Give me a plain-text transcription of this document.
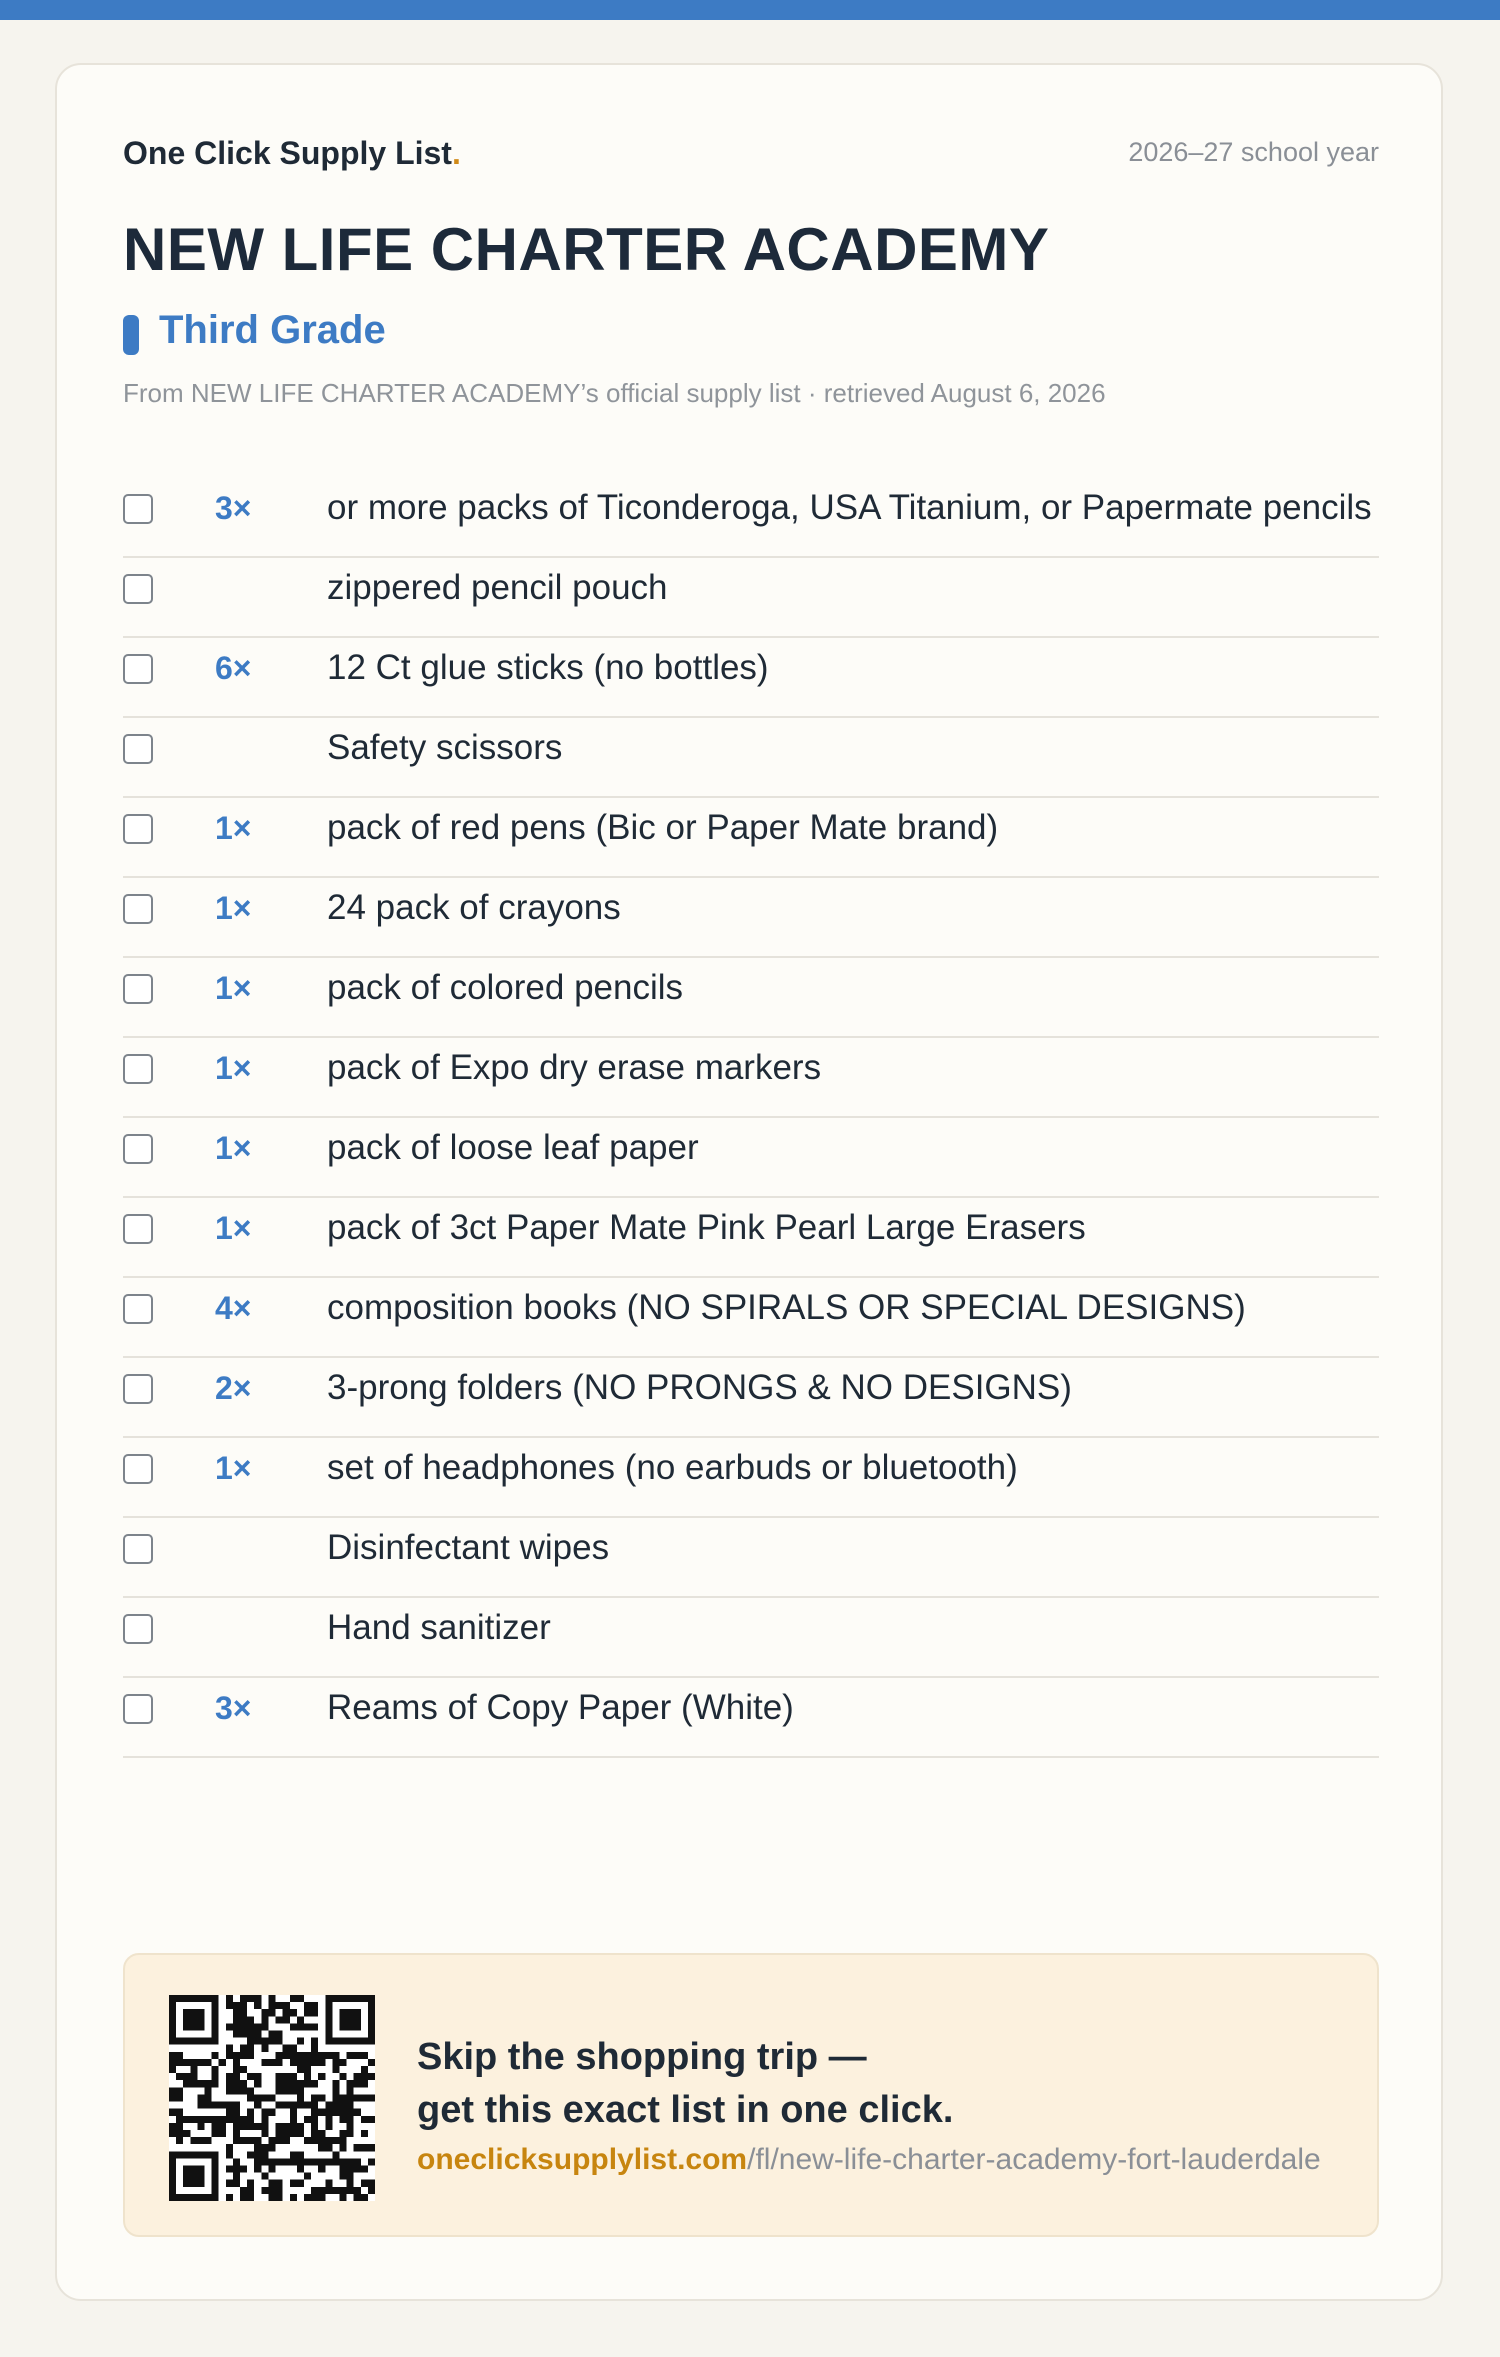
One Click Supply List.	2026–27 school year
NEW LIFE CHARTER ACADEMY
Third Grade
From NEW LIFE CHARTER ACADEMY’s official supply list · retrieved August 6, 2026
3× or more packs of Ticonderoga, USA Titanium, or Papermate pencils
zippered pencil pouch
6× 12 Ct glue sticks (no bottles)
Safety scissors
1× pack of red pens (Bic or Paper Mate brand)
1× 24 pack of crayons
1× pack of colored pencils
1× pack of Expo dry erase markers
1× pack of loose leaf paper
1× pack of 3ct Paper Mate Pink Pearl Large Erasers
4× composition books (NO SPIRALS OR SPECIAL DESIGNS)
2× 3-prong folders (NO PRONGS & NO DESIGNS)
1× set of headphones (no earbuds or bluetooth)
Disinfectant wipes
Hand sanitizer
3× Reams of Copy Paper (White)
Skip the shopping trip —
get this exact list in one click.
oneclicksupplylist.com/fl/new-life-charter-academy-fort-lauderdale
